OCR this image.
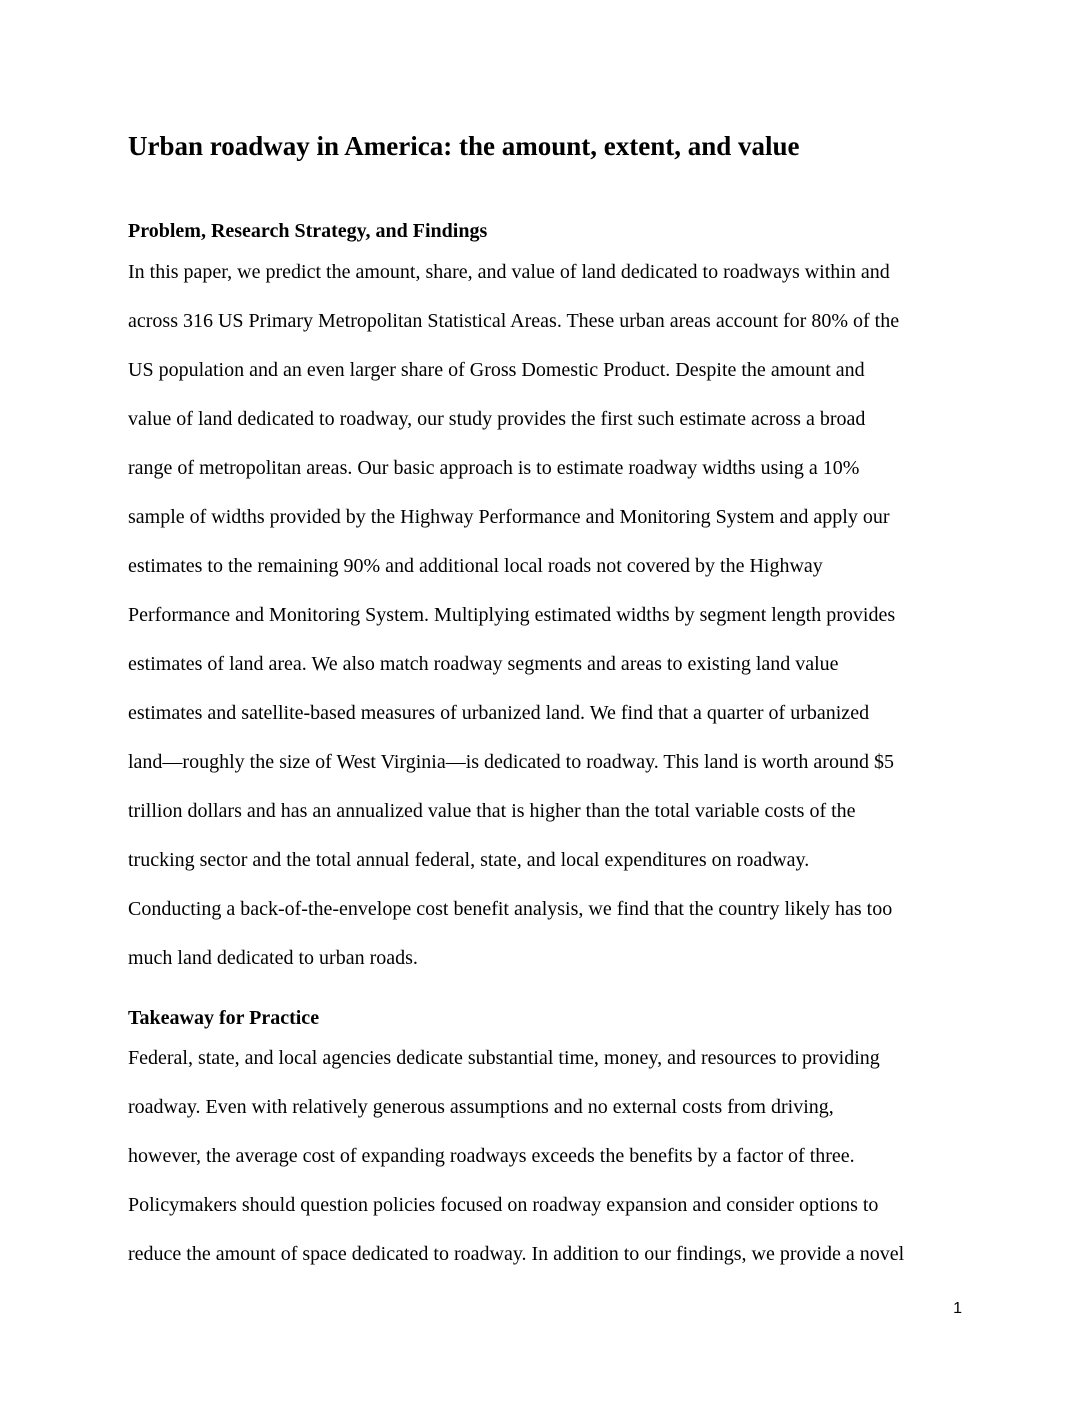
Urban roadway in America: the amount, extent, and value
Problem, Research Strategy, and Findings

In this paper, we predict the amount, share, and value of land dedicated to roadways within and

across 316 US Primary Metropolitan Statistical Areas. These urban areas account for 80% of the

US population and an even larger share of Gross Domestic Product. Despite the amount and

value of land dedicated to roadway, our study provides the first such estimate across a broad

range of metropolitan areas. Our basic approach is to estimate roadway widths using a 10%

sample of widths provided by the Highway Performance and Monitoring System and apply our

estimates to the remaining 90% and additional local roads not covered by the Highway

Performance and Monitoring System. Multiplying estimated widths by segment length provides

estimates of land area. We also match roadway segments and areas to existing land value

estimates and satellite-based measures of urbanized land. We find that a quarter of urbanized

land—roughly the size of West Virginia—is dedicated to roadway. This land is worth around $5

trillion dollars and has an annualized value that is higher than the total variable costs of the

trucking sector and the total annual federal, state, and local expenditures on roadway.

Conducting a back-of-the-envelope cost benefit analysis, we find that the country likely has too

much land dedicated to urban roads.

Takeaway for Practice

Federal, state, and local agencies dedicate substantial time, money, and resources to providing

roadway. Even with relatively generous assumptions and no external costs from driving,

however, the average cost of expanding roadways exceeds the benefits by a factor of three.

Policymakers should question policies focused on roadway expansion and consider options to

reduce the amount of space dedicated to roadway. In addition to our findings, we provide a novel

1
